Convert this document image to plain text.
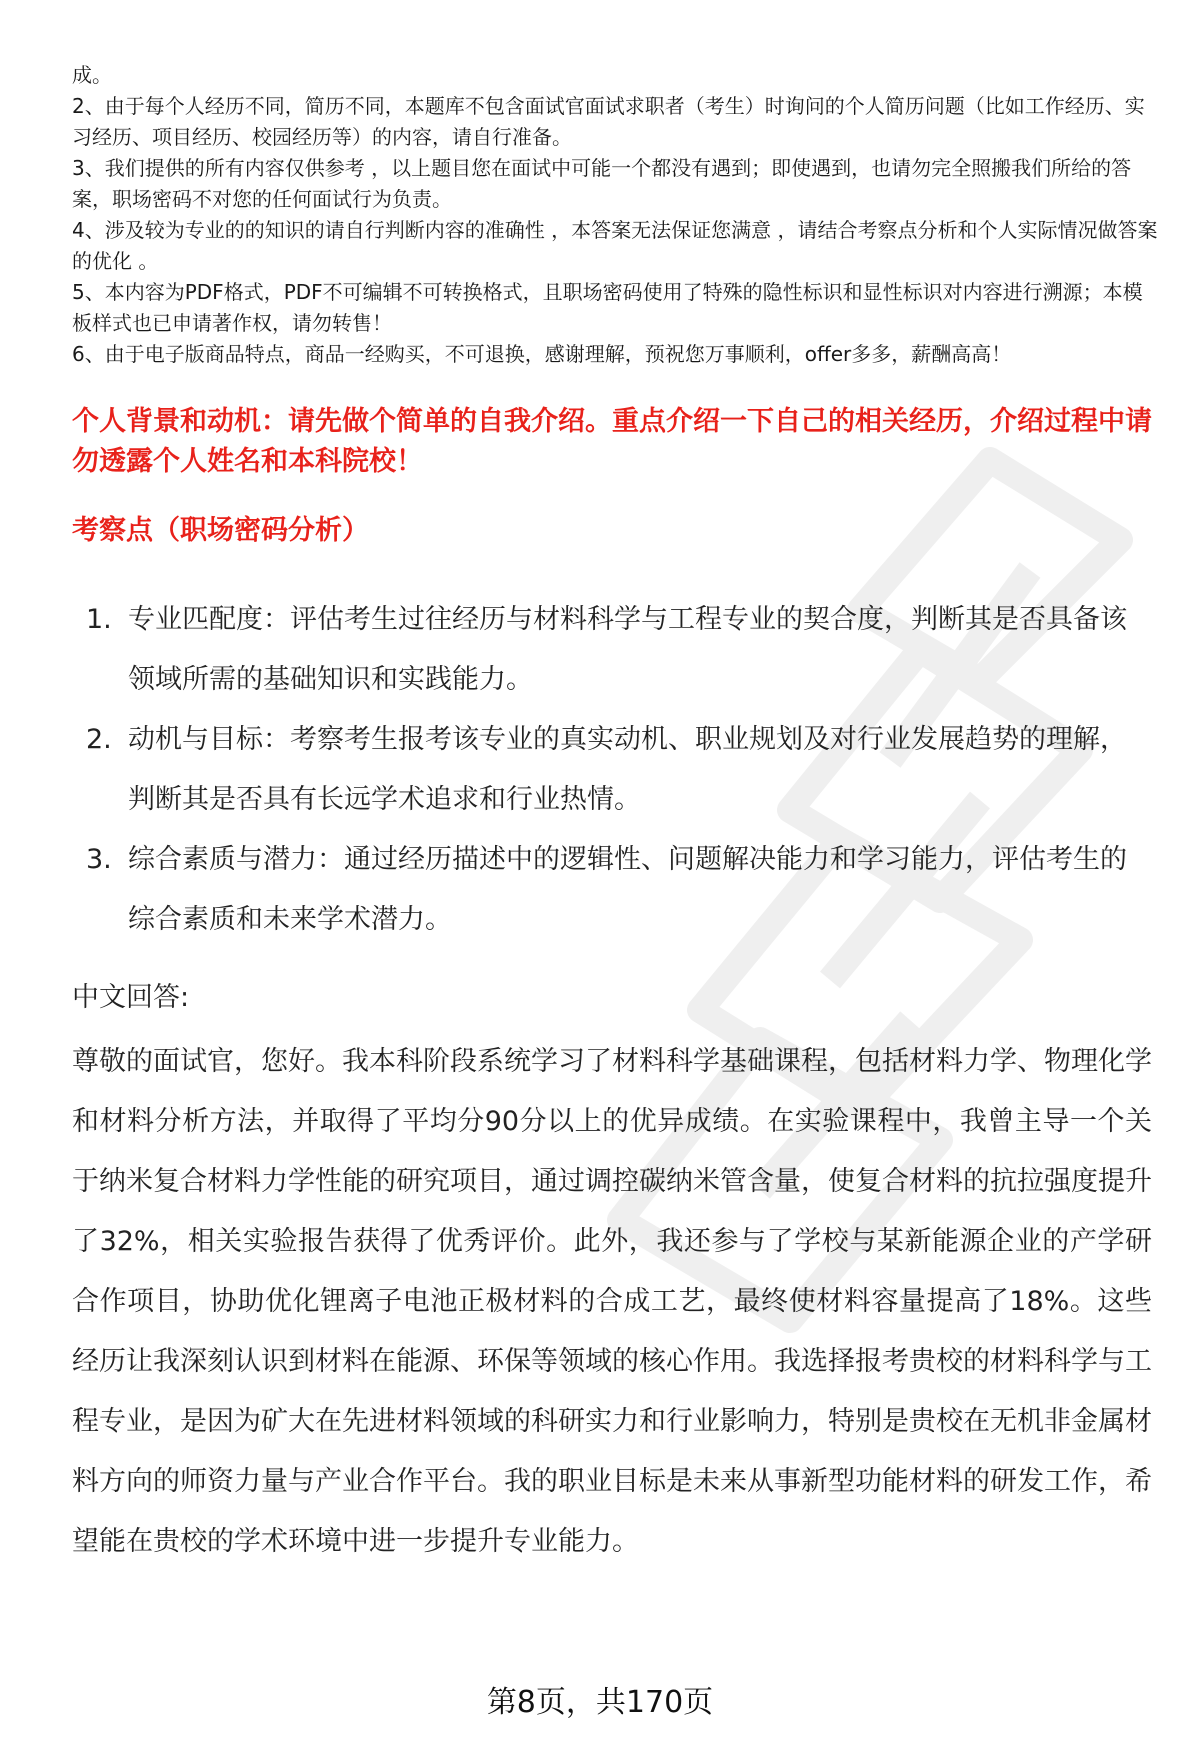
成。

2、由于每个人经历不同，简历不同，本题库不包含面试官面试求职者（考生）时询问的个人简历问题（比如工作经历、实习经历、项目经历、校园经历等）的内容，请自行准备。

3、我们提供的所有内容仅供参考 ，以上题目您在面试中可能一个都没有遇到；即使遇到，也请勿完全照搬我们所给的答案，职场密码不对您的任何面试行为负责。

4、涉及较为专业的的知识的请自行判断内容的准确性 ，本答案无法保证您满意 ，请结合考察点分析和个人实际情况做答案的优化 。

5、本内容为PDF格式，PDF不可编辑不可转换格式，且职场密码使用了特殊的隐性标识和显性标识对内容进行溯源；本模板样式也已申请著作权，请勿转售！

6、由于电子版商品特点，商品一经购买，不可退换，感谢理解，预祝您万事顺利，offer多多，薪酬高高！

个人背景和动机：请先做个简单的自我介绍。重点介绍一下自己的相关经历，介绍过程中请勿透露个人姓名和本科院校！
考察点（职场密码分析）
1. 专业匹配度：评估考生过往经历与材料科学与工程专业的契合度，判断其是否具备该领域所需的基础知识和实践能力。
2. 动机与目标：考察考生报考该专业的真实动机、职业规划及对行业发展趋势的理解，判断其是否具有长远学术追求和行业热情。
3. 综合素质与潜力：通过经历描述中的逻辑性、问题解决能力和学习能力，评估考生的综合素质和未来学术潜力。

中文回答:

尊敬的面试官，您好。我本科阶段系统学习了材料科学基础课程，包括材料力学、物理化学和材料分析方法，并取得了平均分90分以上的优异成绩。在实验课程中，我曾主导一个关于纳米复合材料力学性能的研究项目，通过调控碳纳米管含量，使复合材料的抗拉强度提升了32%，相关实验报告获得了优秀评价。此外，我还参与了学校与某新能源企业的产学研合作项目，协助优化锂离子电池正极材料的合成工艺，最终使材料容量提高了18%。这些经历让我深刻认识到材料在能源、环保等领域的核心作用。我选择报考贵校的材料科学与工程专业，是因为矿大在先进材料领域的科研实力和行业影响力，特别是贵校在无机非金属材料方向的师资力量与产业合作平台。我的职业目标是未来从事新型功能材料的研发工作，希望能在贵校的学术环境中进一步提升专业能力。

第8页，共170页
